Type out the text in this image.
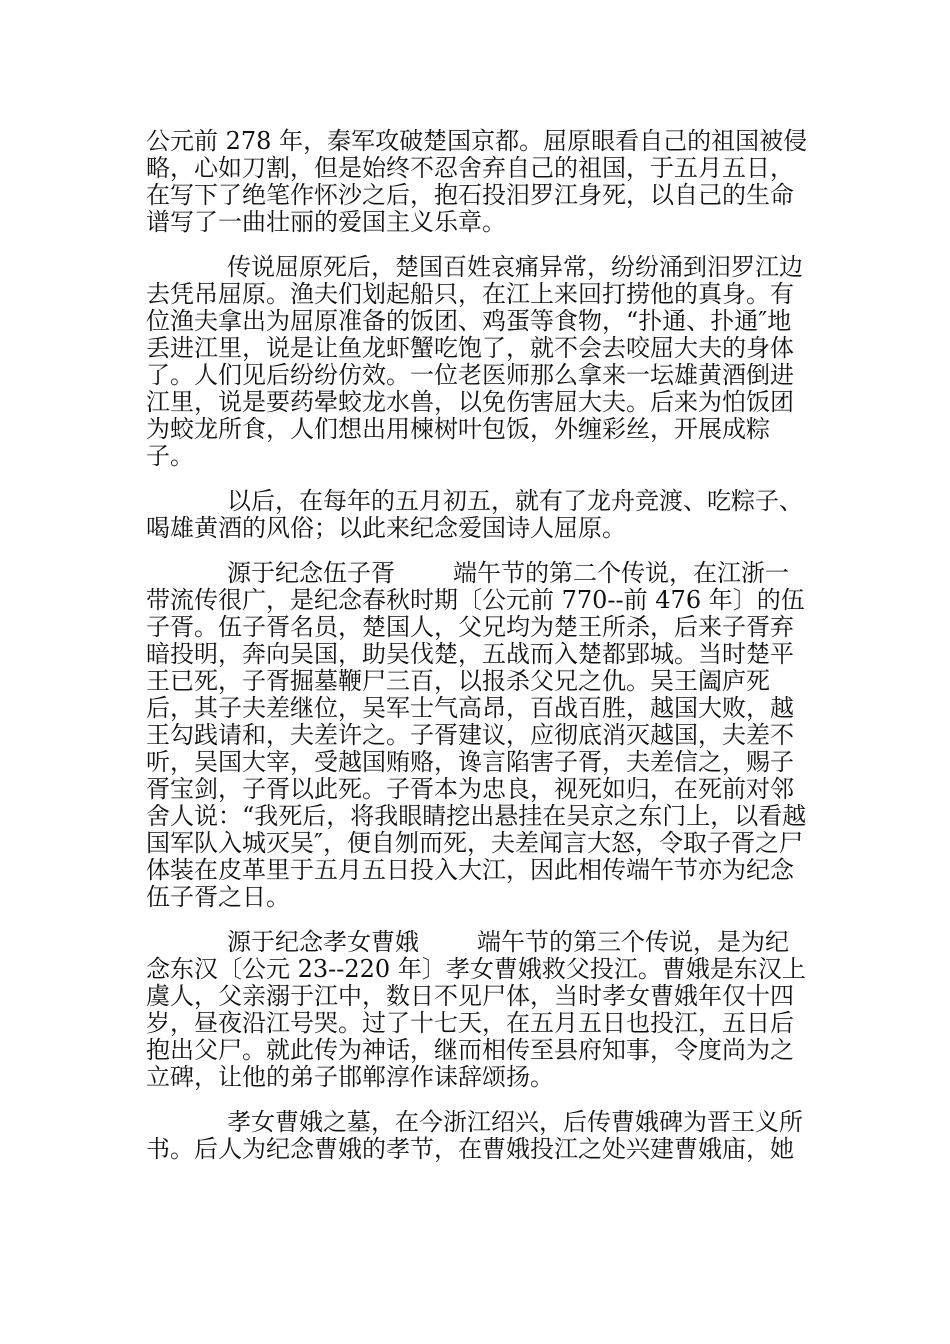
公元前 278 年，秦军攻破楚国京都。屈原眼看自己的祖国被侵略，心如刀割，但是始终不忍舍弃自己的祖国，于五月五日，在写下了绝笔作怀沙之后，抱石投汨罗江身死，以自己的生命谱写了一曲壮丽的爱国主义乐章。

传说屈原死后，楚国百姓哀痛异常，纷纷涌到汨罗江边去凭吊屈原。渔夫们划起船只，在江上来回打捞他的真身。有位渔夫拿出为屈原准备的饭团、鸡蛋等食物，“扑通、扑通″地丢进江里，说是让鱼龙虾蟹吃饱了，就不会去咬屈大夫的身体了。人们见后纷纷仿效。一位老医师那么拿来一坛雄黄酒倒进江里，说是要药晕蛟龙水兽，以免伤害屈大夫。后来为怕饭团为蛟龙所食，人们想出用楝树叶包饭，外缠彩丝，开展成粽子。

以后，在每年的五月初五，就有了龙舟竞渡、吃粽子、喝雄黄酒的风俗；以此来纪念爱国诗人屈原。

源于纪念伍子胥 端午节的第二个传说，在江浙一带流传很广，是纪念春秋时期〔公元前 770--前 476 年〕的伍子胥。伍子胥名员，楚国人，父兄均为楚王所杀，后来子胥弃暗投明，奔向吴国，助吴伐楚，五战而入楚都郢城。当时楚平王已死，子胥掘墓鞭尸三百，以报杀父兄之仇。吴王阖庐死后，其子夫差继位，吴军士气高昂，百战百胜，越国大败，越王勾践请和，夫差许之。子胥建议，应彻底消灭越国，夫差不听，吴国大宰，受越国贿赂，谗言陷害子胥，夫差信之，赐子胥宝剑，子胥以此死。子胥本为忠良，视死如归，在死前对邻舍人说：“我死后，将我眼睛挖出悬挂在吴京之东门上，以看越国军队入城灭吴″，便自刎而死，夫差闻言大怒，令取子胥之尸体装在皮革里于五月五日投入大江，因此相传端午节亦为纪念伍子胥之日。

源于纪念孝女曹娥 端午节的第三个传说，是为纪念东汉〔公元 23--220 年〕孝女曹娥救父投江。曹娥是东汉上虞人，父亲溺于江中，数日不见尸体，当时孝女曹娥年仅十四岁，昼夜沿江号哭。过了十七天，在五月五日也投江，五日后抱出父尸。就此传为神话，继而相传至县府知事，令度尚为之立碑，让他的弟子邯郸淳作诔辞颂扬。

孝女曹娥之墓，在今浙江绍兴，后传曹娥碑为晋王义所书。后人为纪念曹娥的孝节，在曹娥投江之处兴建曹娥庙，她
